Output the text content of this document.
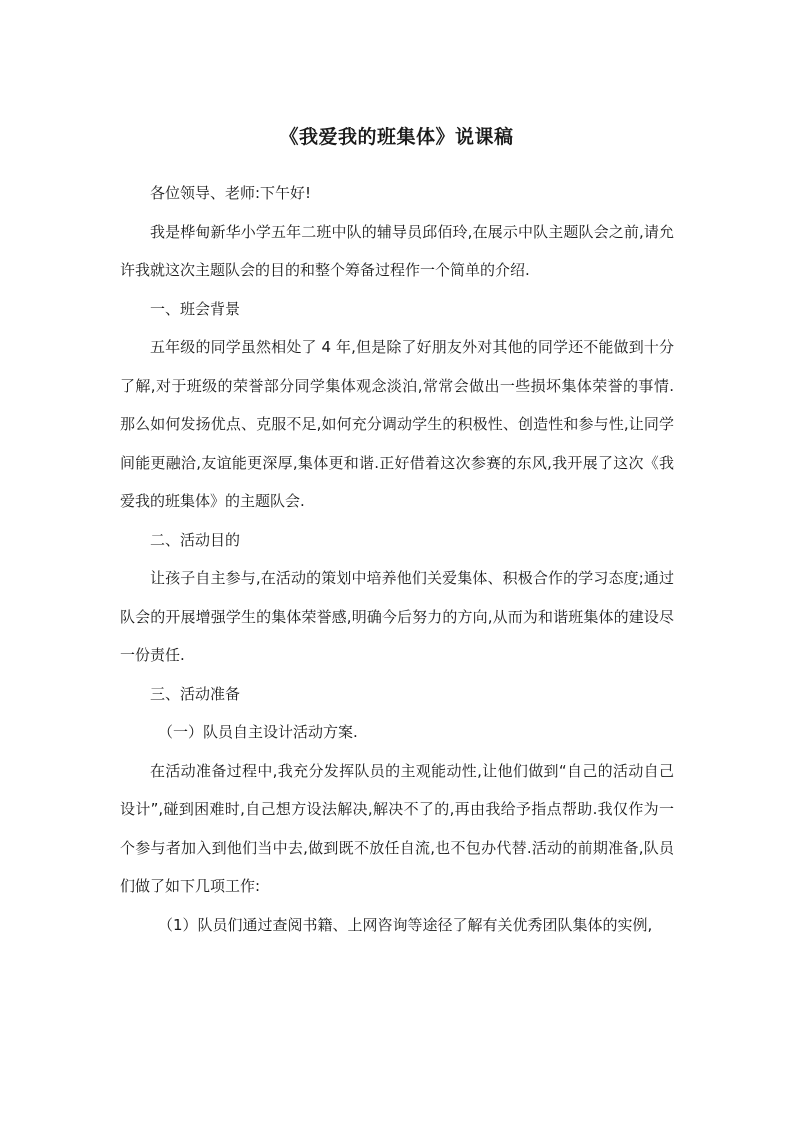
《我爱我的班集体》说课稿

各位领导、老师:下午好!

我是桦甸新华小学五年二班中队的辅导员邱佰玲,在展示中队主题队会之前,请允许我就这次主题队会的目的和整个筹备过程作一个简单的介绍.

一、班会背景

五年级的同学虽然相处了 4 年,但是除了好朋友外对其他的同学还不能做到十分了解,对于班级的荣誉部分同学集体观念淡泊,常常会做出一些损坏集体荣誉的事情.那么如何发扬优点、克服不足,如何充分调动学生的积极性、创造性和参与性,让同学间能更融洽,友谊能更深厚,集体更和谐.正好借着这次参赛的东风,我开展了这次《我爱我的班集体》的主题队会.

二、活动目的

让孩子自主参与,在活动的策划中培养他们关爱集体、积极合作的学习态度;通过队会的开展增强学生的集体荣誉感,明确今后努力的方向,从而为和谐班集体的建设尽一份责任.

三、活动准备

（一）队员自主设计活动方案.

在活动准备过程中,我充分发挥队员的主观能动性,让他们做到“自己的活动自己设计”,碰到困难时,自己想方设法解决,解决不了的,再由我给予指点帮助.我仅作为一个参与者加入到他们当中去,做到既不放任自流,也不包办代替.活动的前期准备,队员们做了如下几项工作:

（1）队员们通过查阅书籍、上网咨询等途径了解有关优秀团队集体的实例,
